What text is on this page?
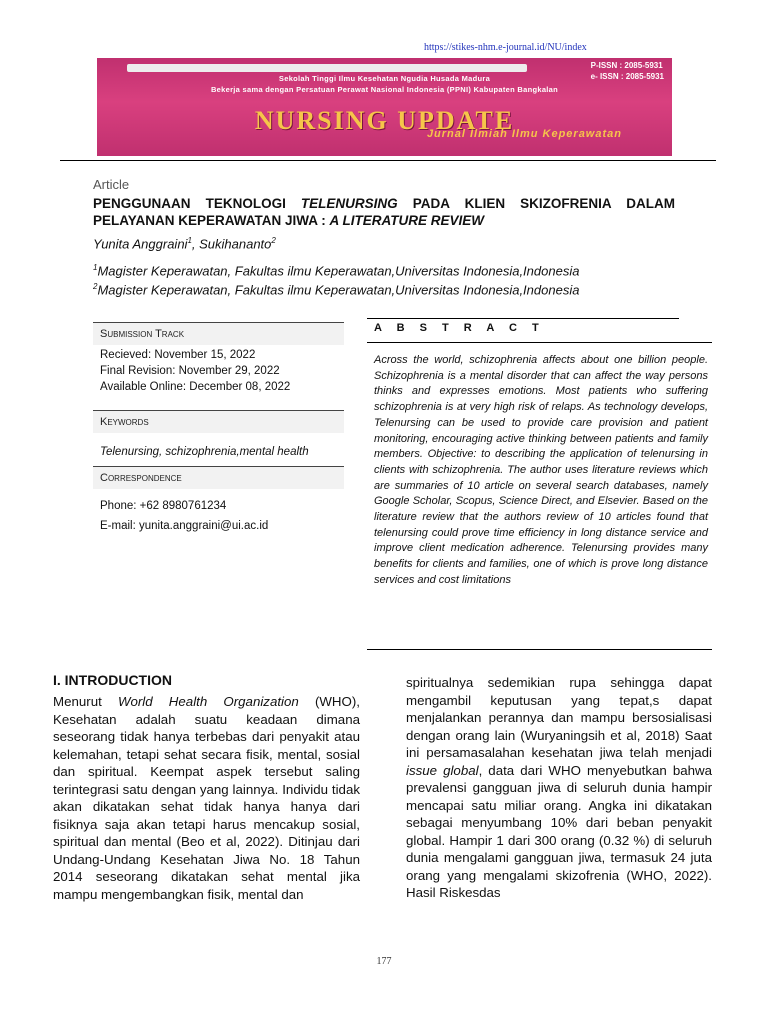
https://stikes-nhm.e-journal.id/NU/index
P-ISSN : 2085-5931
e- ISSN : 2085-5931
Sekolah Tinggi Ilmu Kesehatan Ngudia Husada Madura
Bekerja sama dengan Persatuan Perawat Nasional Indonesia (PPNI) Kabupaten Bangkalan
NURSING UPDATE
Jurnal Ilmiah Ilmu Keperawatan
Article
PENGGUNAAN TEKNOLOGI TELENURSING PADA KLIEN SKIZOFRENIA DALAM PELAYANAN KEPERAWATAN JIWA : A LITERATURE REVIEW
Yunita Anggraini$^1$, Sukihananto$^2$
$^1$Magister Keperawatan, Fakultas ilmu Keperawatan,Universitas Indonesia,Indonesia
$^2$Magister Keperawatan, Fakultas ilmu Keperawatan,Universitas Indonesia,Indonesia
Submission Track
Recieved: November 15, 2022
Final Revision: November 29, 2022
Available Online: December 08, 2022
Keywords
Telenursing, schizophrenia,mental health
Correspondence
Phone: +62 8980761234
E-mail: yunita.anggraini@ui.ac.id
A B S T R A C T
Across the world, schizophrenia affects about one billion people. Schizophrenia is a mental disorder that can affect the way persons thinks and expresses emotions. Most patients who suffering schizophrenia is at very high risk of relaps. As technology develops, Telenursing can be used to provide care provision and patient monitoring, encouraging active thinking between patients and family members. Objective: to describing the application of telenursing in clients with schizophrenia. The author uses literature reviews which are summaries of 10 article on several search databases, namely Google Scholar, Scopus, Science Direct, and Elsevier. Based on the literature review that the authors review of 10 articles found that telenursing could prove time efficiency in long distance service and improve client medication adherence. Telenursing provides many benefits for clients and families, one of which is prove long distance services and cost limitations
I. INTRODUCTION
Menurut World Health Organization (WHO), Kesehatan adalah suatu keadaan dimana seseorang tidak hanya terbebas dari penyakit atau kelemahan, tetapi sehat secara fisik, mental, sosial dan spiritual. Keempat aspek tersebut saling terintegrasi satu dengan yang lainnya. Individu tidak akan dikatakan sehat tidak hanya hanya dari fisiknya saja akan tetapi harus mencakup sosial, spiritual dan mental (Beo et al, 2022). Ditinjau dari Undang-Undang Kesehatan Jiwa No. 18 Tahun 2014 seseorang dikatakan sehat mental jika mampu mengembangkan fisik, mental dan
spiritualnya sedemikian rupa sehingga dapat mengambil keputusan yang tepat,s dapat menjalankan perannya dan mampu bersosialisasi dengan orang lain (Wuryaningsih et al, 2018) Saat ini persamasalahan kesehatan jiwa telah menjadi issue global, data dari WHO menyebutkan bahwa prevalensi gangguan jiwa di seluruh dunia hampir mencapai satu miliar orang. Angka ini dikatakan sebagai menyumbang 10% dari beban penyakit global. Hampir 1 dari 300 orang (0.32 %) di seluruh dunia mengalami gangguan jiwa, termasuk 24 juta orang yang mengalami skizofrenia (WHO, 2022). Hasil Riskesdas
177
